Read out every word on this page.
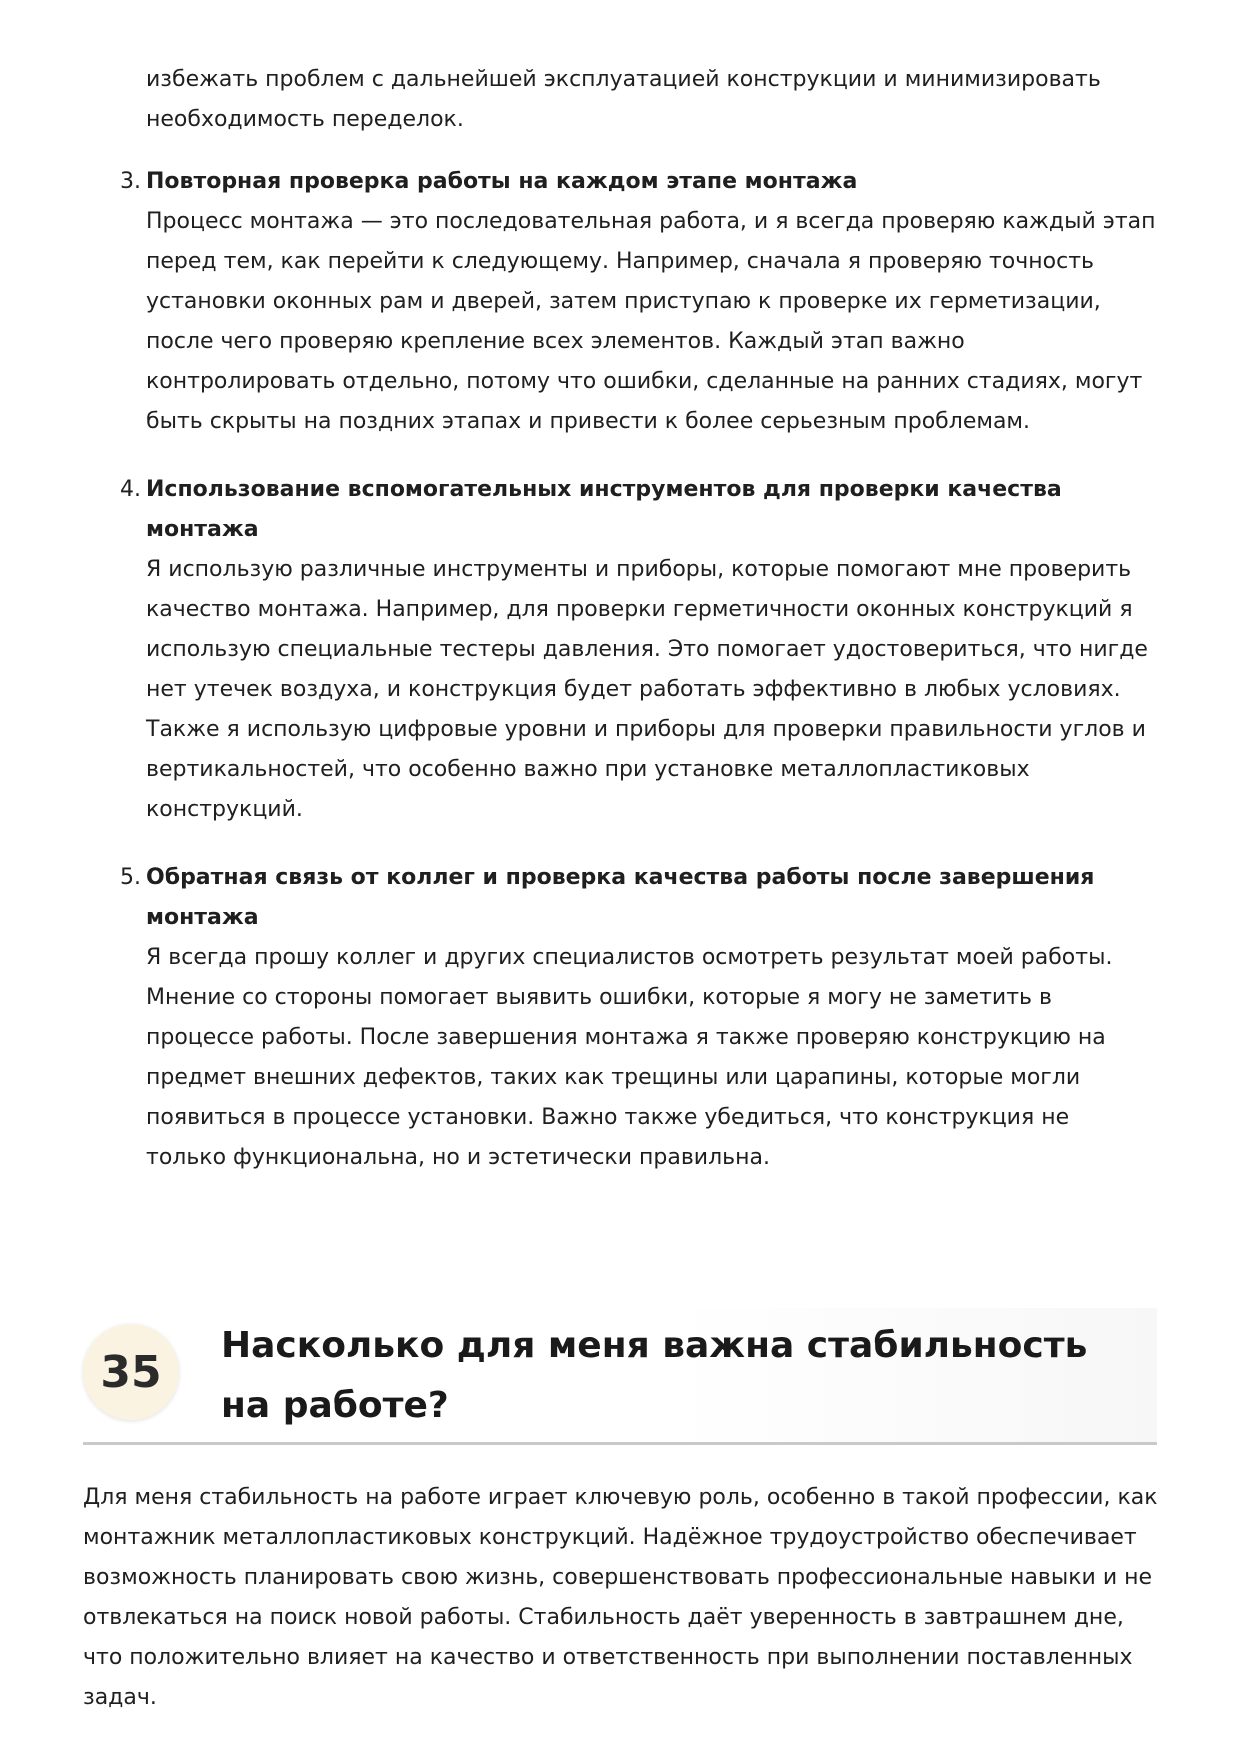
избежать проблем с дальнейшей эксплуатацией конструкции и минимизировать необходимость переделок.

3. Повторная проверка работы на каждом этапе монтажа
Процесс монтажа — это последовательная работа, и я всегда проверяю каждый этап перед тем, как перейти к следующему. Например, сначала я проверяю точность установки оконных рам и дверей, затем приступаю к проверке их герметизации, после чего проверяю крепление всех элементов. Каждый этап важно контролировать отдельно, потому что ошибки, сделанные на ранних стадиях, могут быть скрыты на поздних этапах и привести к более серьезным проблемам.
4. Использование вспомогательных инструментов для проверки качества монтажа
Я использую различные инструменты и приборы, которые помогают мне проверить качество монтажа. Например, для проверки герметичности оконных конструкций я использую специальные тестеры давления. Это помогает удостовериться, что нигде нет утечек воздуха, и конструкция будет работать эффективно в любых условиях. Также я использую цифровые уровни и приборы для проверки правильности углов и вертикальностей, что особенно важно при установке металлопластиковых конструкций.
5. Обратная связь от коллег и проверка качества работы после завершения монтажа
Я всегда прошу коллег и других специалистов осмотреть результат моей работы. Мнение со стороны помогает выявить ошибки, которые я могу не заметить в процессе работы. После завершения монтажа я также проверяю конструкцию на предмет внешних дефектов, таких как трещины или царапины, которые могли появиться в процессе установки. Важно также убедиться, что конструкция не только функциональна, но и эстетически правильна.
35
Насколько для меня важна стабильность на работе?

Для меня стабильность на работе играет ключевую роль, особенно в такой профессии, как монтажник металлопластиковых конструкций. Надёжное трудоустройство обеспечивает возможность планировать свою жизнь, совершенствовать профессиональные навыки и не отвлекаться на поиск новой работы. Стабильность даёт уверенность в завтрашнем дне, что положительно влияет на качество и ответственность при выполнении поставленных задач.
